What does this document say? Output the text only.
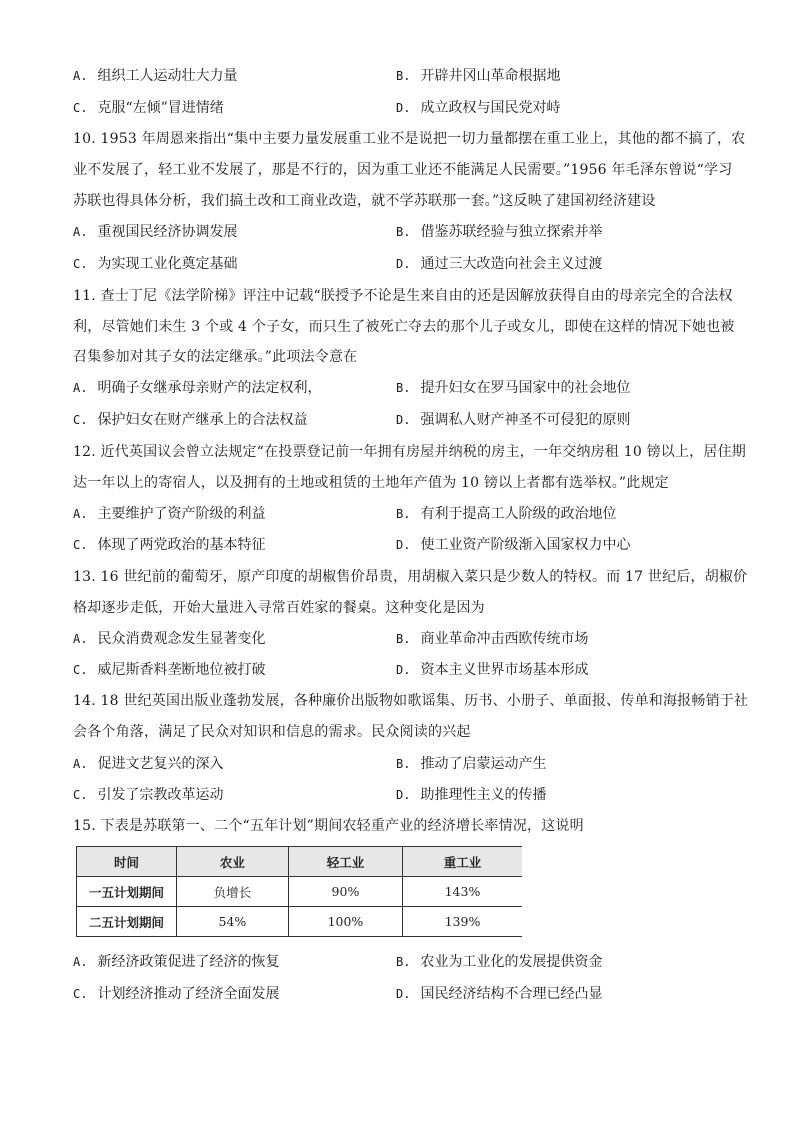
A. 组织工人运动壮大力量	B. 开辟井冈山革命根据地
C. 克服“左倾”冒进情绪	D. 成立政权与国民党对峙
10. 1953 年周恩来指出“集中主要力量发展重工业不是说把一切力量都摆在重工业上，其他的都不搞了，农
业不发展了，轻工业不发展了，那是不行的，因为重工业还不能满足人民需要。”1956 年毛泽东曾说“学习
苏联也得具体分析，我们搞土改和工商业改造，就不学苏联那一套。”这反映了建国初经济建设
A. 重视国民经济协调发展	B. 借鉴苏联经验与独立探索并举
C. 为实现工业化奠定基础	D. 通过三大改造向社会主义过渡
11. 查士丁尼《法学阶梯》评注中记载“朕授予不论是生来自由的还是因解放获得自由的母亲完全的合法权
利，尽管她们未生 3 个或 4 个子女，而只生了被死亡夺去的那个儿子或女儿，即使在这样的情况下她也被
召集参加对其子女的法定继承。”此项法令意在
A. 明确子女继承母亲财产的法定权利，	B. 提升妇女在罗马国家中的社会地位
C. 保护妇女在财产继承上的合法权益	D. 强调私人财产神圣不可侵犯的原则
12. 近代英国议会曾立法规定“在投票登记前一年拥有房屋并纳税的房主，一年交纳房租 10 镑以上，居住期
达一年以上的寄宿人，以及拥有的土地或租赁的土地年产值为 10 镑以上者都有选举权。”此规定
A. 主要维护了资产阶级的利益	B. 有利于提高工人阶级的政治地位
C. 体现了两党政治的基本特征	D. 使工业资产阶级渐入国家权力中心
13. 16 世纪前的葡萄牙，原产印度的胡椒售价昂贵，用胡椒入菜只是少数人的特权。而 17 世纪后，胡椒价
格却逐步走低，开始大量进入寻常百姓家的餐桌。这种变化是因为
A. 民众消费观念发生显著变化	B. 商业革命冲击西欧传统市场
C. 威尼斯香料垄断地位被打破	D. 资本主义世界市场基本形成
14. 18 世纪英国出版业蓬勃发展，各种廉价出版物如歌谣集、历书、小册子、单面报、传单和海报畅销于社
会各个角落，满足了民众对知识和信息的需求。民众阅读的兴起
A. 促进文艺复兴的深入	B. 推动了启蒙运动产生
C. 引发了宗教改革运动	D. 助推理性主义的传播
15. 下表是苏联第一、二个“五年计划”期间农轻重产业的经济增长率情况，这说明
时间	农业	轻工业	重工业
一五计划期间	负增长	90%	143%
二五计划期间	54%	100%	139%
A. 新经济政策促进了经济的恢复	B. 农业为工业化的发展提供资金
C. 计划经济推动了经济全面发展	D. 国民经济结构不合理已经凸显
